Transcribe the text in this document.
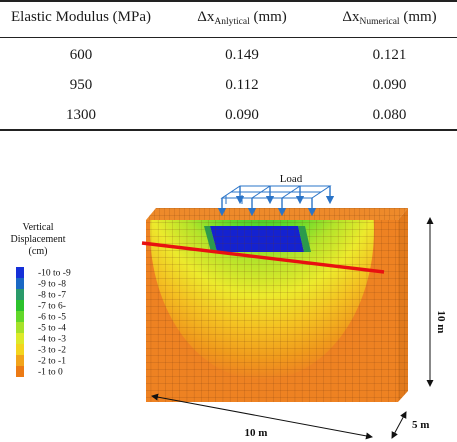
Elastic Modulus (MPa)	$\Delta x_{Anlytical}$ (mm)	$\Delta x_{Numerical}$ (mm)
600	0.149	0.121
950	0.112	0.090
1300	0.090	0.080
Load
10 m
10 m
5 m
Vertical
Displacement
(cm)
-10 to -9
-9 to -8
-8 to -7
-7 to 6-
-6 to -5
-5 to -4
-4 to -3
-3 to -2
-2 to -1
-1 to 0
